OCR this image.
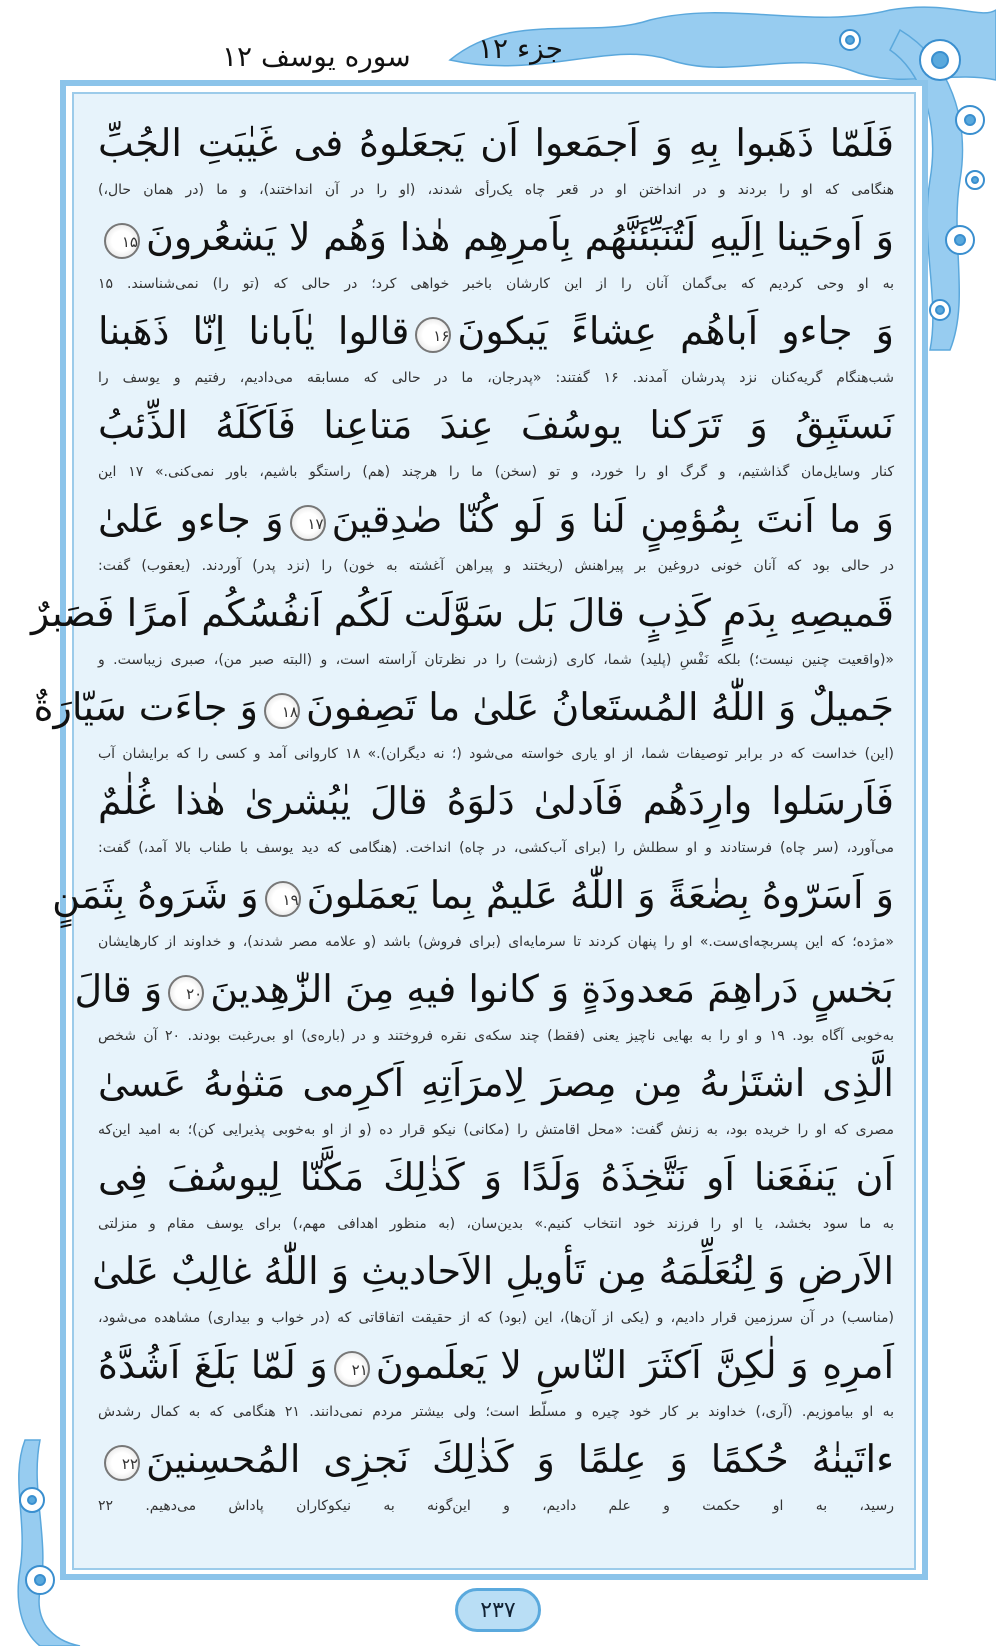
سوره یوسف ۱۲ جزء ۱۲
فَلَمّا ذَهَبوا بِهِ وَ اَجمَعوا اَن يَجعَلوهُ فى غَيٰبَتِ الجُبِّ
هنگامی که او را بردند و در انداختن او در قعر چاه یک‌رأی شدند، (او را در آن انداختند)، و ما (در همان حال،)
وَ اَوحَينا اِلَيهِ لَتُنَبِّئَنَّهُم بِاَمرِهِم هٰذا وَهُم لا يَشعُرونَ۱۵
به او وحی کردیم که بی‌گمان آنان را از این کارشان باخبر خواهی کرد؛ در حالی که (تو را) نمی‌شناسند. ۱۵
وَ جاءو اَباهُم عِشاءً يَبكونَ۱۶قالوا يٰاَبانا اِنّا ذَهَبنا
شب‌هنگام گریه‌کنان نزد پدرشان آمدند. ۱۶ گفتند: «پدرجان، ما در حالی که مسابقه می‌دادیم، رفتیم و یوسف را
نَستَبِقُ وَ تَرَكنا يوسُفَ عِندَ مَتاعِنا فَاَكَلَهُ الذِّئبُ
کنار وسایل‌مان گذاشتیم، و گرگ او را خورد، و تو (سخن) ما را هرچند (هم) راستگو باشیم، باور نمی‌کنی.» ۱۷ این
وَ ما اَنتَ بِمُؤمِنٍ لَنا وَ لَو كُنّا صٰدِقينَ۱۷وَ جاءو عَلىٰ
در حالی بود که آنان خونی دروغین بر پیراهنش (ریختند و پیراهن آغشته به خون) را (نزد پدر) آوردند. (یعقوب) گفت:
قَميصِهِ بِدَمٍ كَذِبٍ قالَ بَل سَوَّلَت لَكُم اَنفُسُكُم اَمرًا فَصَبرٌ
«(واقعیت چنین نیست؛) بلکه نَفْسِ (پلید) شما، کاری (زشت) را در نظرتان آراسته است، و (البته صبر من)، صبری زیباست. و
جَميلٌ وَ اللّٰهُ المُستَعانُ عَلىٰ ما تَصِفونَ۱۸وَ جاءَت سَيّارَةٌ
(این) خداست که در برابر توصیفات شما، از او یاری خواسته می‌شود (؛ نه دیگران).» ۱۸ کاروانی آمد و کسی را که برایشان آب
فَاَرسَلوا وارِدَهُم فَاَدلىٰ دَلوَهُ قالَ يٰبُشرىٰ هٰذا غُلٰمٌ
می‌آورد، (سر چاه) فرستادند و او سطلش را (برای آب‌کشی، در چاه) انداخت. (هنگامی که دید یوسف با طناب بالا آمد،) گفت:
وَ اَسَرّوهُ بِضٰعَةً وَ اللّٰهُ عَليمٌ بِما يَعمَلونَ۱۹وَ شَرَوهُ بِثَمَنٍ
«مژده؛ که این پسربچه‌ای‌ست.» او را پنهان کردند تا سرمایه‌ای (برای فروش) باشد (و علامه مصر شدند)، و خداوند از کارهایشان
بَخسٍ دَراهِمَ مَعدودَةٍ وَ كانوا فيهِ مِنَ الزّٰهِدينَ۲۰وَ قالَ
به‌خوبی آگاه بود. ۱۹ و او را به بهایی ناچیز یعنی (فقط) چند سکه‌ی نقره فروختند و در (باره‌ی) او بی‌رغبت بودند. ۲۰ آن شخص
الَّذِى اشتَرٰىهُ مِن مِصرَ لِامرَاَتِهِ اَكرِمى مَثوٰىهُ عَسىٰ
مصری که او را خریده بود، به زنش گفت: «محل اقامتش را (مکانی) نیکو قرار ده (و از او به‌خوبی پذیرایی کن)؛ به امید این‌که
اَن يَنفَعَنا اَو نَتَّخِذَهُ وَلَدًا وَ كَذٰلِكَ مَكَّنّا لِيوسُفَ فِى
به ما سود بخشد، یا او را فرزند خود انتخاب کنیم.» بدین‌سان، (به منظور اهدافی مهم،) برای یوسف مقام و منزلتی
الاَرضِ وَ لِنُعَلِّمَهُ مِن تَأويلِ الاَحاديثِ وَ اللّٰهُ غالِبٌ عَلىٰ
(مناسب) در آن سرزمین قرار دادیم، و (یکی از آن‌ها)، این (بود) که از حقیقت اتفاقاتی که (در خواب و بیداری) مشاهده می‌شود،
اَمرِهِ وَ لٰكِنَّ اَكثَرَ النّاسِ لا يَعلَمونَ۲۱وَ لَمّا بَلَغَ اَشُدَّهُ
به او بیاموزیم. (آری،) خداوند بر کار خود چیره و مسلّط است؛ ولی بیشتر مردم نمی‌دانند. ۲۱ هنگامی که به کمال رشدش
ءاتَينٰهُ حُكمًا وَ عِلمًا وَ كَذٰلِكَ نَجزِى المُحسِنينَ۲۲
رسید، به او حکمت و علم دادیم، و این‌گونه به نیکوکاران پاداش می‌دهیم. ۲۲
۲۳۷
